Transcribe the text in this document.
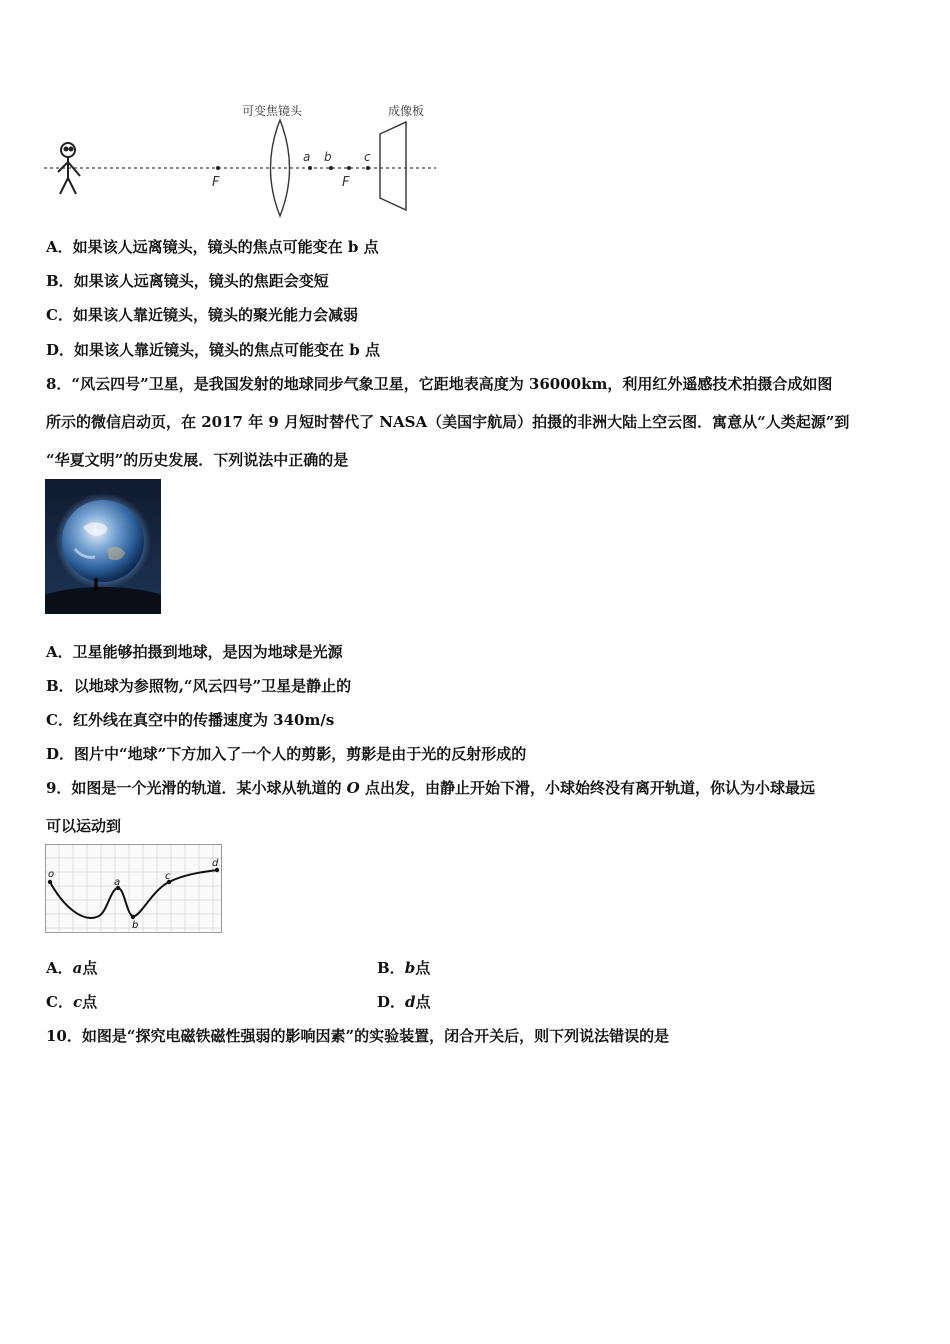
F
可变焦镜头
a b
F
c
成像板
A．如果该人远离镜头，镜头的焦点可能变在 b 点
B．如果该人远离镜头，镜头的焦距会变短
C．如果该人靠近镜头，镜头的聚光能力会减弱
D．如果该人靠近镜头，镜头的焦点可能变在 b 点
8．“风云四号”卫星，是我国发射的地球同步气象卫星，它距地表高度为 36000km，利用红外遥感技术拍摄合成如图
所示的微信启动页，在 2017 年 9 月短时替代了 NASA（美国宇航局）拍摄的非洲大陆上空云图．寓意从“人类起源”到
“华夏文明”的历史发展．下列说法中正确的是
A．卫星能够拍摄到地球，是因为地球是光源
B．以地球为参照物,“风云四号”卫星是静止的
C．红外线在真空中的传播速度为 340m/s
D．图片中“地球”下方加入了一个人的剪影，剪影是由于光的反射形成的
9．如图是一个光滑的轨道．某小球从轨道的 O 点出发，由静止开始下滑，小球始终没有离开轨道，你认为小球最远
可以运动到
o
a
b
c
d
A．a点	B．b点
C．c点	D．d点
10．如图是“探究电磁铁磁性强弱的影响因素”的实验装置，闭合开关后，则下列说法错误的是
